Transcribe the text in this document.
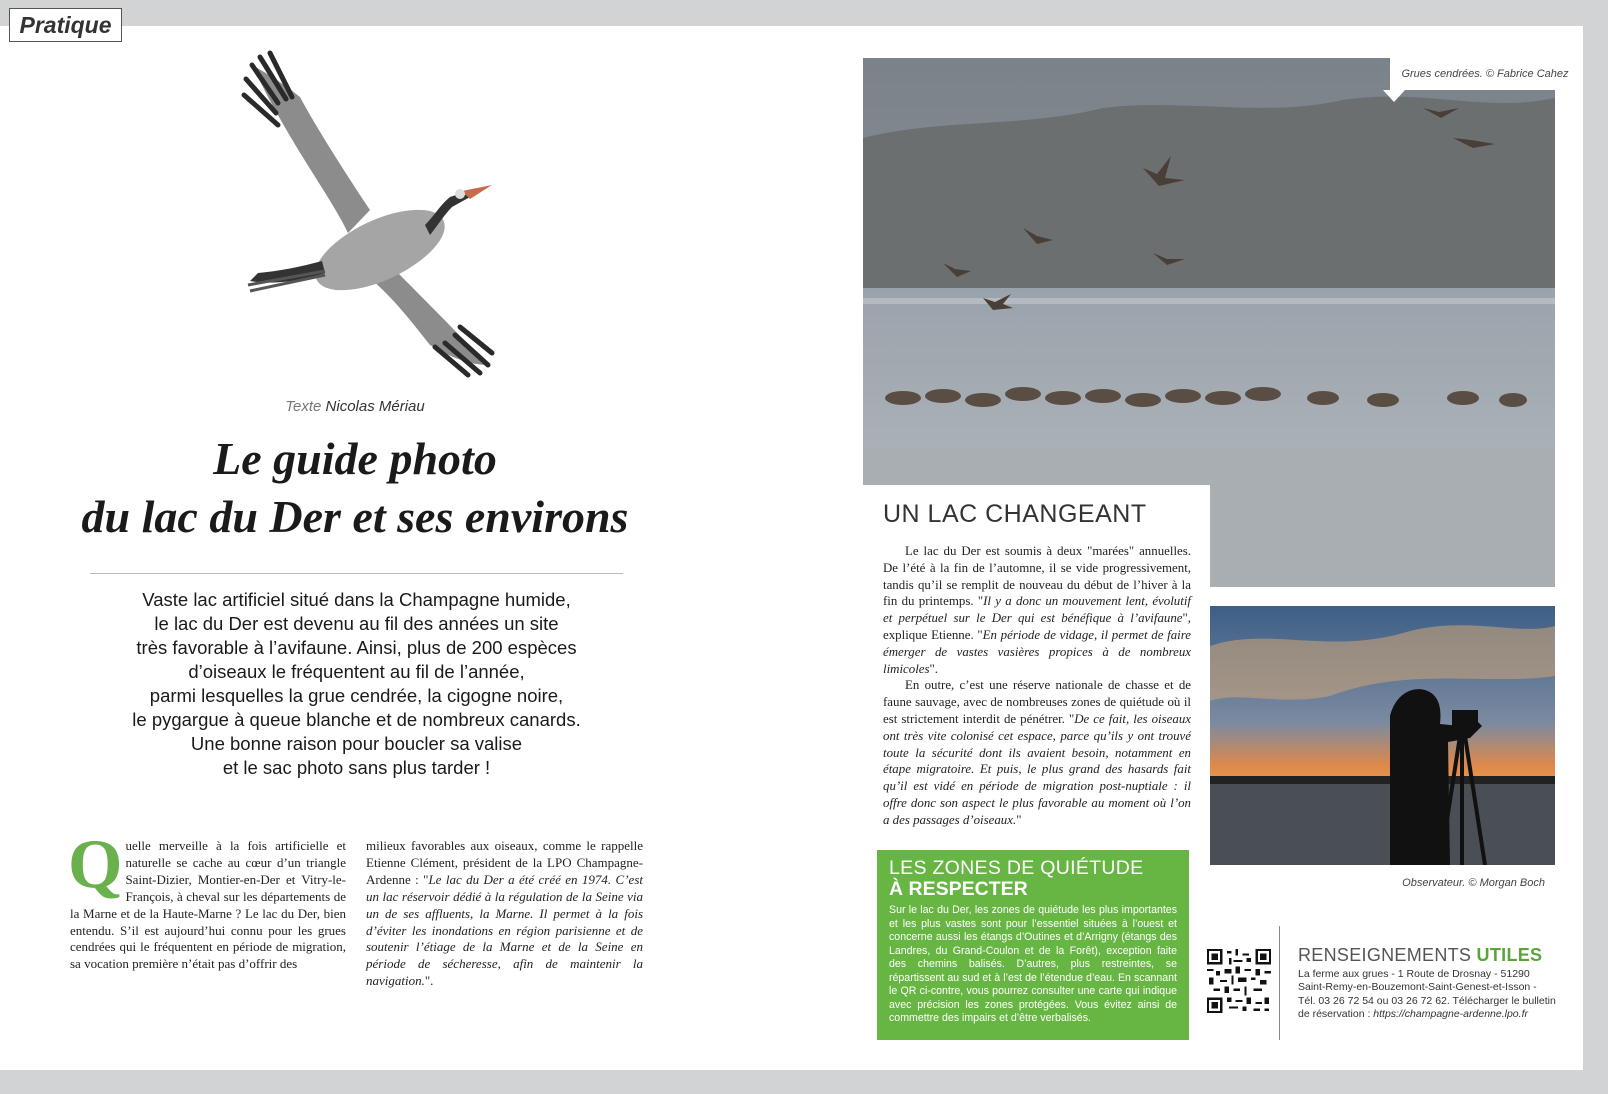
Pratique
Texte Nicolas Mériau
Le guide photo
du lac du Der et ses environs
Vaste lac artificiel situé dans la Champagne humide,
le lac du Der est devenu au fil des années un site
très favorable à l’avifaune. Ainsi, plus de 200 espèces
d’oiseaux le fréquentent au fil de l’année,
parmi lesquelles la grue cendrée, la cigogne noire,
le pygargue à queue blanche et de nombreux canards.
Une bonne raison pour boucler sa valise
et le sac photo sans plus tarder !
Quelle merveille à la fois artificielle et naturelle se cache au cœur d’un triangle Saint-Dizier, Montier-en-Der et Vitry-le-François, à cheval sur les départements de la Marne et de la Haute-Marne ? Le lac du Der, bien entendu. S’il est aujourd’hui connu pour les grues cendrées qui le fréquentent en période de migration, sa vocation première n’était pas d’offrir des
milieux favorables aux oiseaux, comme le rappelle Etienne Clément, président de la LPO Champagne-Ardenne : "Le lac du Der a été créé en 1974. C’est un lac réservoir dédié à la régulation de la Seine via un de ses affluents, la Marne. Il permet à la fois d’éviter les inondations en région parisienne et de soutenir l’étiage de la Marne et de la Seine en période de sécheresse, afin de maintenir la navigation.".
Grues cendrées. © Fabrice Cahez
UN LAC CHANGEANT

Le lac du Der est soumis à deux "marées" annuelles. De l’été à la fin de l’automne, il se vide progressivement, tandis qu’il se remplit de nouveau du début de l’hiver à la fin du printemps. "Il y a donc un mouvement lent, évolutif et perpétuel sur le Der qui est bénéfique à l’avifaune", explique Etienne. "En période de vidage, il permet de faire émerger de vastes vasières propices à de nombreux limicoles".

En outre, c’est une réserve nationale de chasse et de faune sauvage, avec de nombreuses zones de quiétude où il est strictement interdit de pénétrer. "De ce fait, les oiseaux ont très vite colonisé cet espace, parce qu’ils y ont trouvé toute la sécurité dont ils avaient besoin, notamment en étape migratoire. Et puis, le plus grand des hasards fait qu’il est vidé en période de migration post-nuptiale : il offre donc son aspect le plus favorable au moment où l’on a des passages d’oiseaux."

Observateur. © Morgan Boch
LES ZONES DE QUIÉTUDE
À RESPECTER
Sur le lac du Der, les zones de quiétude les plus importantes et les plus vastes sont pour l’essentiel situées à l’ouest et concerne aussi les étangs d’Outines et d’Arrigny (étangs des Landres, du Grand-Coulon et de la Forêt), exception faite des chemins balisés. D’autres, plus restreintes, se répartissent au sud et à l’est de l’étendue d’eau. En scannant le QR ci-contre, vous pourrez consulter une carte qui indique avec précision les zones protégées. Vous évitez ainsi de commettre des impairs et d’être verbalisés.
RENSEIGNEMENTS UTILES
La ferme aux grues - 1 Route de Drosnay - 51290
Saint-Remy-en-Bouzemont-Saint-Genest-et-Isson -
Tél. 03 26 72 54 ou 03 26 72 62. Télécharger le bulletin
de réservation : https://champagne-ardenne.lpo.fr
